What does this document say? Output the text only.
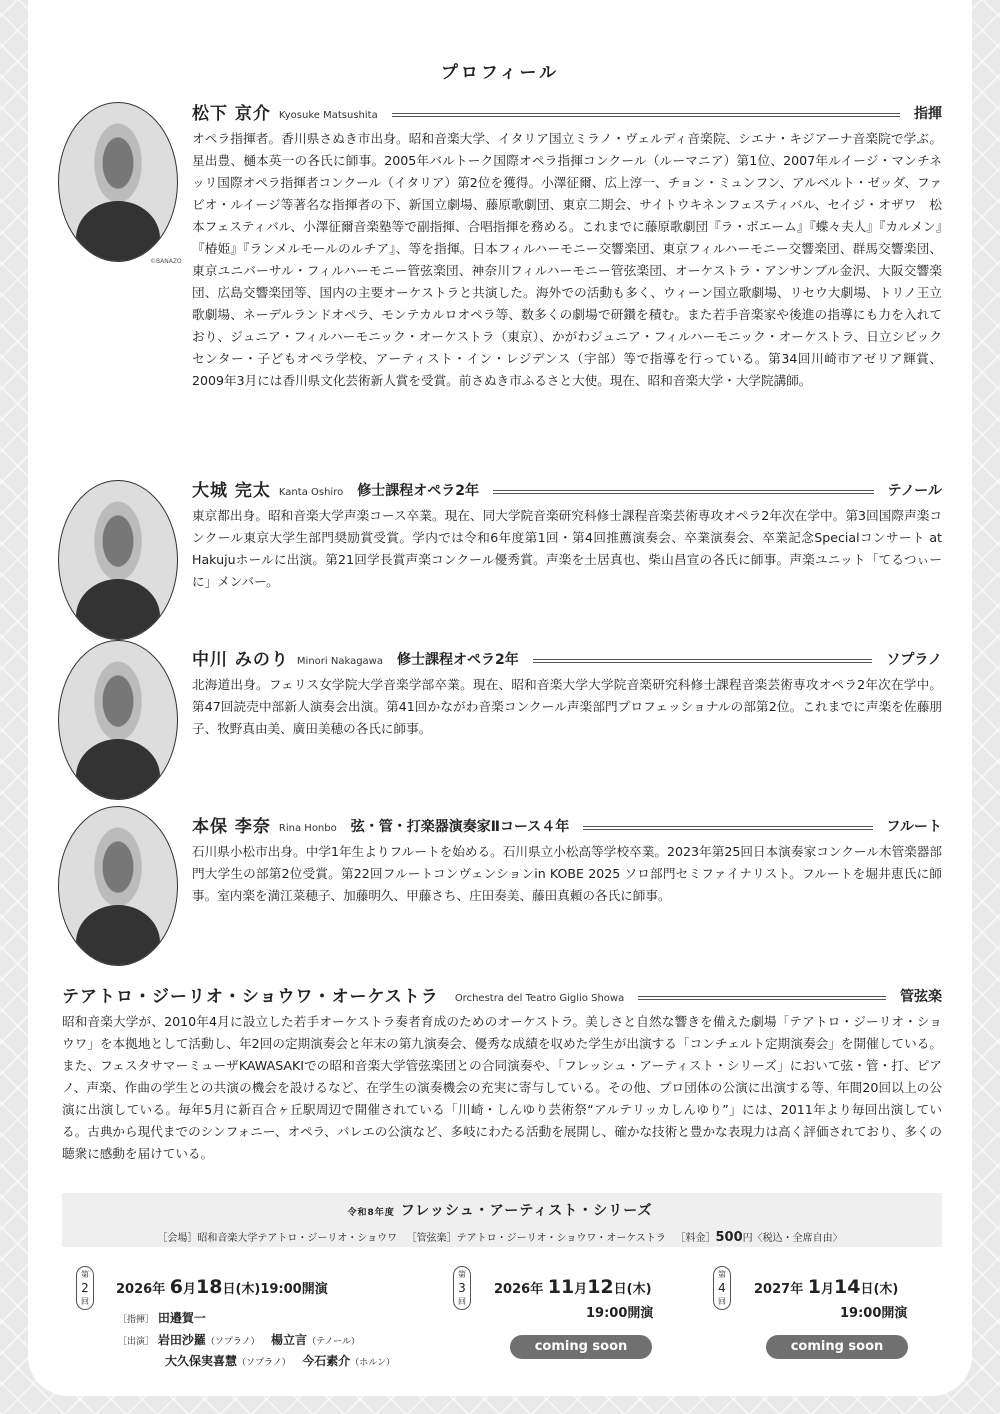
プロフィール
©BANAZO
松下 京介 Kyosuke Matsushita	指揮

オペラ指揮者。香川県さぬき市出身。昭和音楽大学、イタリア国立ミラノ・ヴェルディ音楽院、シエナ・キジアーナ音楽院で学ぶ。星出豊、樋本英一の各氏に師事。2005年バルトーク国際オペラ指揮コンクール（ルーマニア）第1位、2007年ルイージ・マンチネッリ国際オペラ指揮者コンクール（イタリア）第2位を獲得。小澤征爾、広上淳一、チョン・ミュンフン、アルベルト・ゼッダ、ファビオ・ルイージ等著名な指揮者の下、新国立劇場、藤原歌劇団、東京二期会、サイトウキネンフェスティバル、セイジ・オザワ　松本フェスティバル、小澤征爾音楽塾等で副指揮、合唱指揮を務める。これまでに藤原歌劇団『ラ・ボエーム』『蝶々夫人』『カルメン』『椿姫』『ランメルモールのルチア』、等を指揮。日本フィルハーモニー交響楽団、東京フィルハーモニー交響楽団、群馬交響楽団、東京ユニバーサル・フィルハーモニー管弦楽団、神奈川フィルハーモニー管弦楽団、オーケストラ・アンサンブル金沢、大阪交響楽団、広島交響楽団等、国内の主要オーケストラと共演した。海外での活動も多く、ウィーン国立歌劇場、リセウ大劇場、トリノ王立歌劇場、ネーデルランドオペラ、モンテカルロオペラ等、数多くの劇場で研鑽を積む。また若手音楽家や後進の指導にも力を入れており、ジュニア・フィルハーモニック・オーケストラ（東京）、かがわジュニア・フィルハーモニック・オーケストラ、日立シビックセンター・子どもオペラ学校、アーティスト・イン・レジデンス（宇部）等で指導を行っている。第34回川崎市アゼリア輝賞、2009年3月には香川県文化芸術新人賞を受賞。前さぬき市ふるさと大使。現在、昭和音楽大学・大学院講師。

大城 完太 Kanta Oshiro 修士課程オペラ2年	テノール

東京都出身。昭和音楽大学声楽コース卒業。現在、同大学院音楽研究科修士課程音楽芸術専攻オペラ2年次在学中。第3回国際声楽コンクール東京大学生部門奨励賞受賞。学内では令和6年度第1回・第4回推薦演奏会、卒業演奏会、卒業記念Specialコンサート at Hakujuホールに出演。第21回学長賞声楽コンクール優秀賞。声楽を土居真也、柴山昌宣の各氏に師事。声楽ユニット「てるつぃーに」メンバー。

中川 みのり Minori Nakagawa 修士課程オペラ2年	ソプラノ

北海道出身。フェリス女学院大学音楽学部卒業。現在、昭和音楽大学大学院音楽研究科修士課程音楽芸術専攻オペラ2年次在学中。第47回読売中部新人演奏会出演。第41回かながわ音楽コンクール声楽部門プロフェッショナルの部第2位。これまでに声楽を佐藤朋子、牧野真由美、廣田美穂の各氏に師事。

本保 李奈 Rina Honbo 弦・管・打楽器演奏家Ⅱコース４年	フルート

石川県小松市出身。中学1年生よりフルートを始める。石川県立小松高等学校卒業。2023年第25回日本演奏家コンクール木管楽器部門大学生の部第2位受賞。第22回フルートコンヴェンションin KOBE 2025 ソロ部門セミファイナリスト。フルートを堀井恵氏に師事。室内楽を満江菜穂子、加藤明久、甲藤さち、庄田奏美、藤田真頼の各氏に師事。

テアトロ・ジーリオ・ショウワ・オーケストラ Orchestra del Teatro Giglio Showa	管弦楽

昭和音楽大学が、2010年4月に設立した若手オーケストラ奏者育成のためのオーケストラ。美しさと自然な響きを備えた劇場「テアトロ・ジーリオ・ショウワ」を本拠地として活動し、年2回の定期演奏会と年末の第九演奏会、優秀な成績を収めた学生が出演する「コンチェルト定期演奏会」を開催している。また、フェスタサマーミューザKAWASAKIでの昭和音楽大学管弦楽団との合同演奏や、「フレッシュ・アーティスト・シリーズ」において弦・管・打、ピアノ、声楽、作曲の学生との共演の機会を設けるなど、在学生の演奏機会の充実に寄与している。その他、プロ団体の公演に出演する等、年間20回以上の公演に出演している。毎年5月に新百合ヶ丘駅周辺で開催されている「川崎・しんゆり芸術祭“アルテリッカしんゆり”」には、2011年より毎回出演している。古典から現代までのシンフォニー、オペラ、バレエの公演など、多岐にわたる活動を展開し、確かな技術と豊かな表現力は高く評価されており、多くの聴衆に感動を届けている。

令和8年度 フレッシュ・アーティスト・シリーズ
［会場］昭和音楽大学テアトロ・ジーリオ・ショウワ ［管弦楽］テアトロ・ジーリオ・ショウワ・オーケストラ ［料金］500円〈税込・全席自由〉
第
2
回
2026年 6月18日(木)19:00開演
［指揮］ 田邉賀一
［出演］ 岩田沙羅（ソプラノ） 楊立言（テノール）
大久保実喜慧（ソプラノ） 今石素介（ホルン）
第
3
回
2026年 11月12日(木)
19:00開演
coming soon
第
4
回
2027年 1月14日(木)
19:00開演
coming soon
